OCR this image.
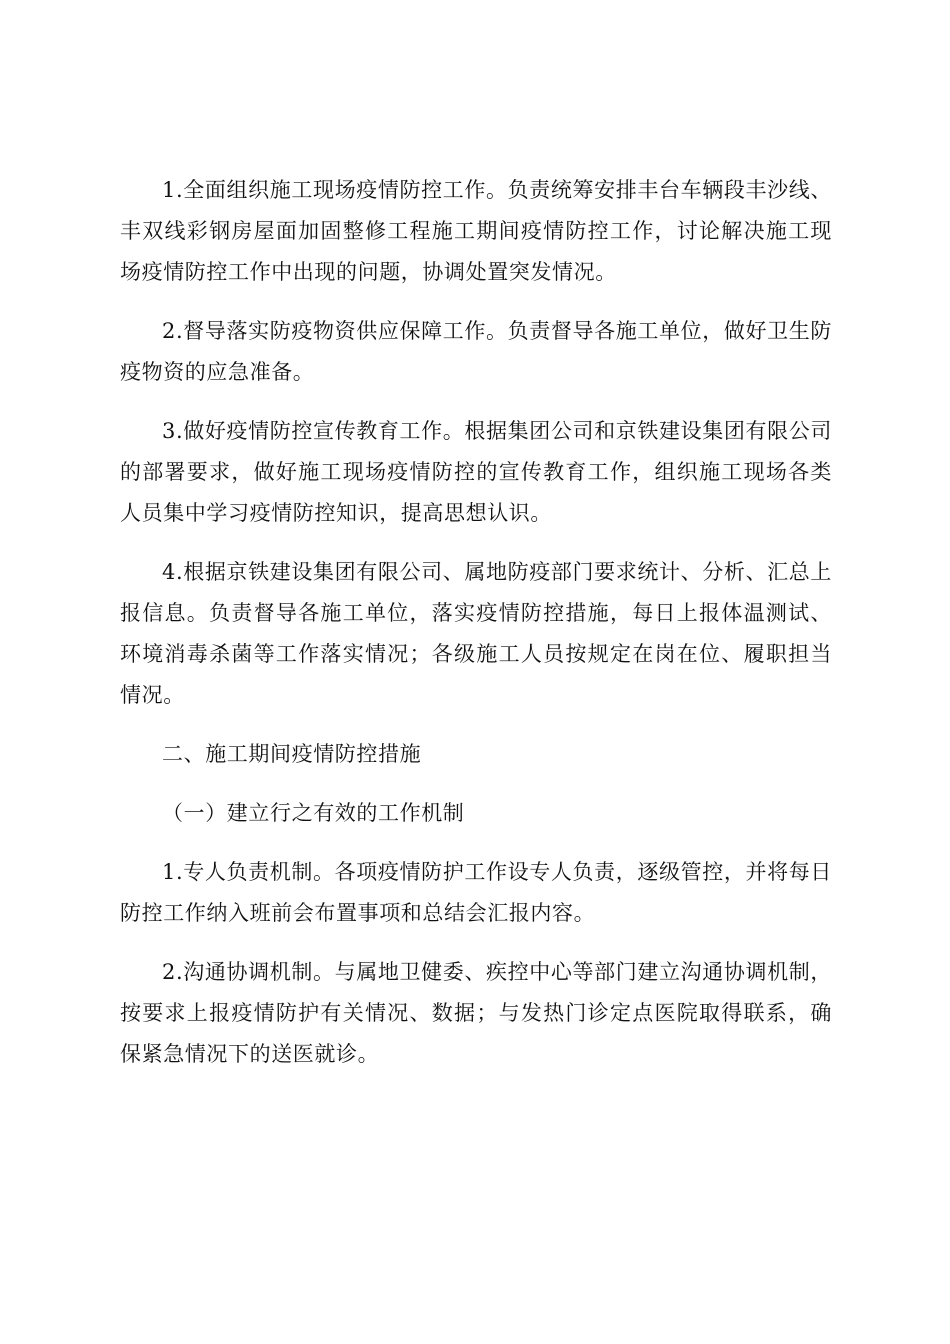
1.全面组织施工现场疫情防控工作。负责统筹安排丰台车辆段丰沙线、丰双线彩钢房屋面加固整修工程施工期间疫情防控工作，讨论解决施工现场疫情防控工作中出现的问题，协调处置突发情况。

2.督导落实防疫物资供应保障工作。负责督导各施工单位，做好卫生防疫物资的应急准备。

3.做好疫情防控宣传教育工作。根据集团公司和京铁建设集团有限公司的部署要求，做好施工现场疫情防控的宣传教育工作，组织施工现场各类人员集中学习疫情防控知识，提高思想认识。

4.根据京铁建设集团有限公司、属地防疫部门要求统计、分析、汇总上报信息。负责督导各施工单位，落实疫情防控措施，每日上报体温测试、环境消毒杀菌等工作落实情况；各级施工人员按规定在岗在位、履职担当情况。

二、施工期间疫情防控措施

（一）建立行之有效的工作机制

1.专人负责机制。各项疫情防护工作设专人负责，逐级管控，并将每日防控工作纳入班前会布置事项和总结会汇报内容。

2.沟通协调机制。与属地卫健委、疾控中心等部门建立沟通协调机制，按要求上报疫情防护有关情况、数据；与发热门诊定点医院取得联系，确保紧急情况下的送医就诊。
